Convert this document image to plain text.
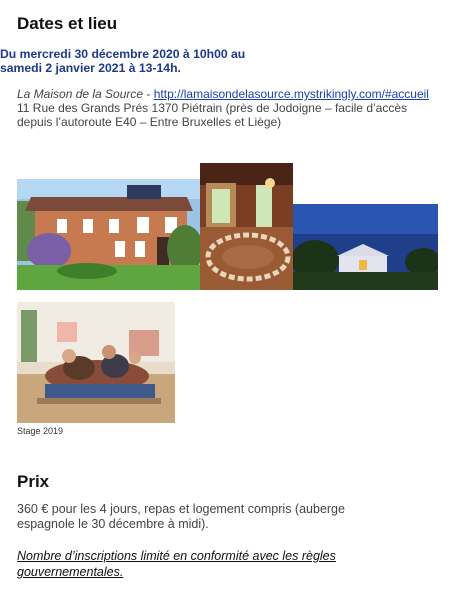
Dates et lieu
Du mercredi 30 décembre 2020 à 10h00 au
samedi 2 janvier 2021 à 13-14h.
La Maison de la Source - http://lamaisondelasource.mystrikingly.com/#accueil
11 Rue des Grands Prés 1370 Piétrain (près de Jodoigne – facile d’accès
depuis l’autoroute E40 – Entre Bruxelles et Liège)
Stage 2019
Prix
360 € pour les 4 jours, repas et logement compris (auberge
espagnole le 30 décembre à midi).
Nombre d’inscriptions limité en conformité avec les règles
gouvernementales.
